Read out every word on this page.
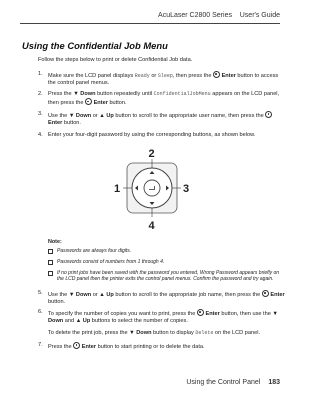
AcuLaser C2800 Series User's Guide
Using the Confidential Job Menu
Follow the steps below to print or delete Confidential Job data.
1. Make sure the LCD panel displays Ready or Sleep, then press the  Enter button to access the control panel menus.
2. Press the ▼ Down button repeatedly until ConfidentialJobMenu appears on the LCD panel, then press the  Enter button.
3. Use the ▼ Down or ▲ Up button to scroll to the appropriate user name, then press the  Enter button.
4. Enter your four-digit password by using the corresponding buttons, as shown below.
2
1	3
4
Note:
Passwords are always four digits.
Passwords consist of numbers from 1 through 4.
If no print jobs have been saved with the password you entered, Wrong Password appears briefly on the LCD panel then the printer exits the control panel menus. Confirm the password and try again.
5. Use the ▼ Down or ▲ Up button to scroll to the appropriate job name, then press the  Enter button.
6. To specify the number of copies you want to print, press the  Enter button, then use the ▼ Down and ▲ Up buttons to select the number of copies.
To delete the print job, press the ▼ Down button to display Delete on the LCD panel.
7. Press the  Enter button to start printing or to delete the data.
Using the Control Panel 183
